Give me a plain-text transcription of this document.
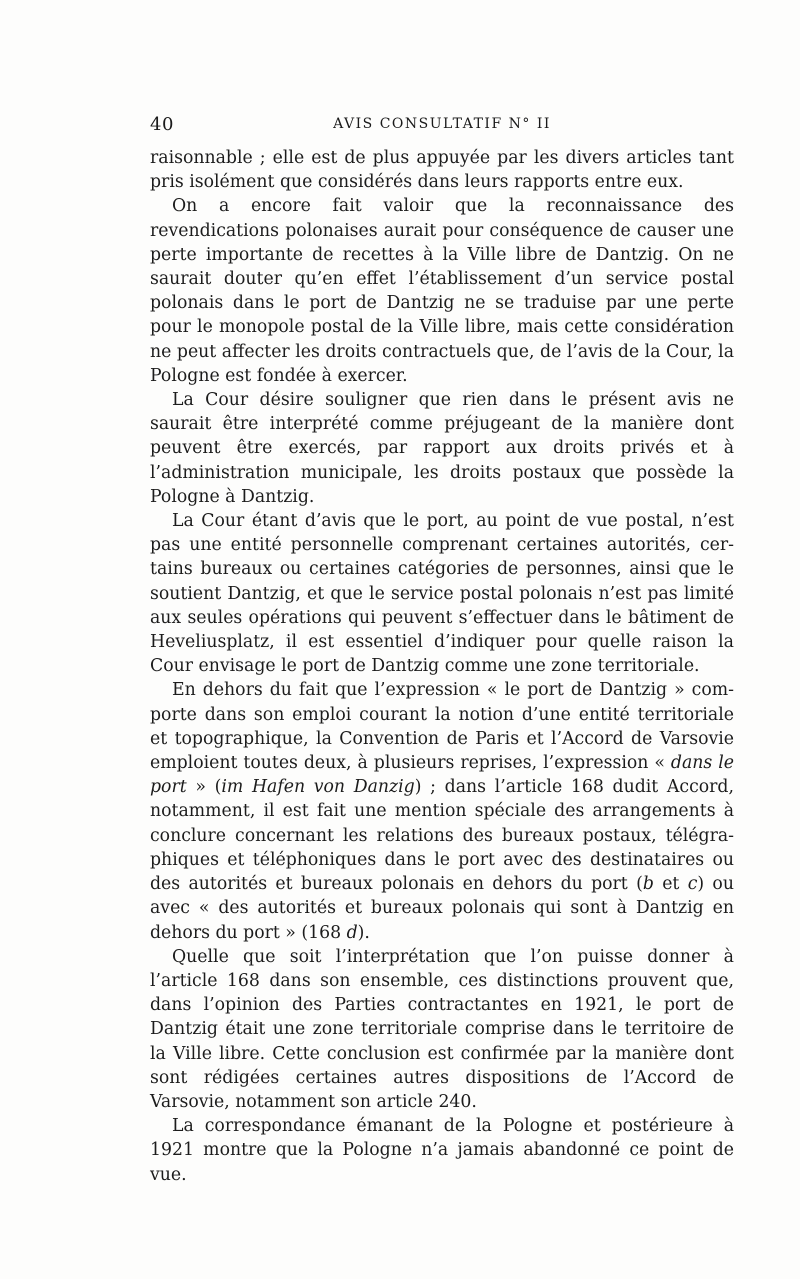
40	AVIS CONSULTATIF N° II

raisonnable ; elle est de plus appuyée par les divers articles tant pris isolément que considérés dans leurs rapports entre eux.

On a encore fait valoir que la reconnaissance des revendications polonaises aurait pour conséquence de causer une perte importante de recettes à la Ville libre de Dantzig. On ne saurait douter qu’en effet l’établissement d’un service postal polonais dans le port de Dantzig ne se traduise par une perte pour le monopole postal de la Ville libre, mais cette considération ne peut affecter les droits contractuels que, de l’avis de la Cour, la Pologne est fondée à exercer.

La Cour désire souligner que rien dans le présent avis ne saurait être interprété comme préjugeant de la manière dont peuvent être exercés, par rapport aux droits privés et à l’administration municipale, les droits postaux que possède la Pologne à Dantzig.

La Cour étant d’avis que le port, au point de vue postal, n’est pas une entité personnelle comprenant certaines autorités, certains bureaux ou certaines catégories de personnes, ainsi que le soutient Dantzig, et que le service postal polonais n’est pas limité aux seules opérations qui peuvent s’effectuer dans le bâtiment de Heveliusplatz, il est essentiel d’indiquer pour quelle raison la Cour envisage le port de Dantzig comme une zone territoriale.

En dehors du fait que l’expression « le port de Dantzig » comporte dans son emploi courant la notion d’une entité territoriale et topographique, la Convention de Paris et l’Accord de Varsovie emploient toutes deux, à plusieurs reprises, l’expression « dans le port » (im Hafen von Danzig) ; dans l’article 168 dudit Accord, notamment, il est fait une mention spéciale des arrangements à conclure concernant les relations des bureaux postaux, télégraphiques et téléphoniques dans le port avec des destinataires ou des autorités et bureaux polonais en dehors du port (b et c) ou avec « des autorités et bureaux polonais qui sont à Dantzig en dehors du port » (168 d).

Quelle que soit l’interprétation que l’on puisse donner à l’article 168 dans son ensemble, ces distinctions prouvent que, dans l’opinion des Parties contractantes en 1921, le port de Dantzig était une zone territoriale comprise dans le territoire de la Ville libre. Cette conclusion est confirmée par la manière dont sont rédigées certaines autres dispositions de l’Accord de Varsovie, notamment son article 240.

La correspondance émanant de la Pologne et postérieure à 1921 montre que la Pologne n’a jamais abandonné ce point de vue.
